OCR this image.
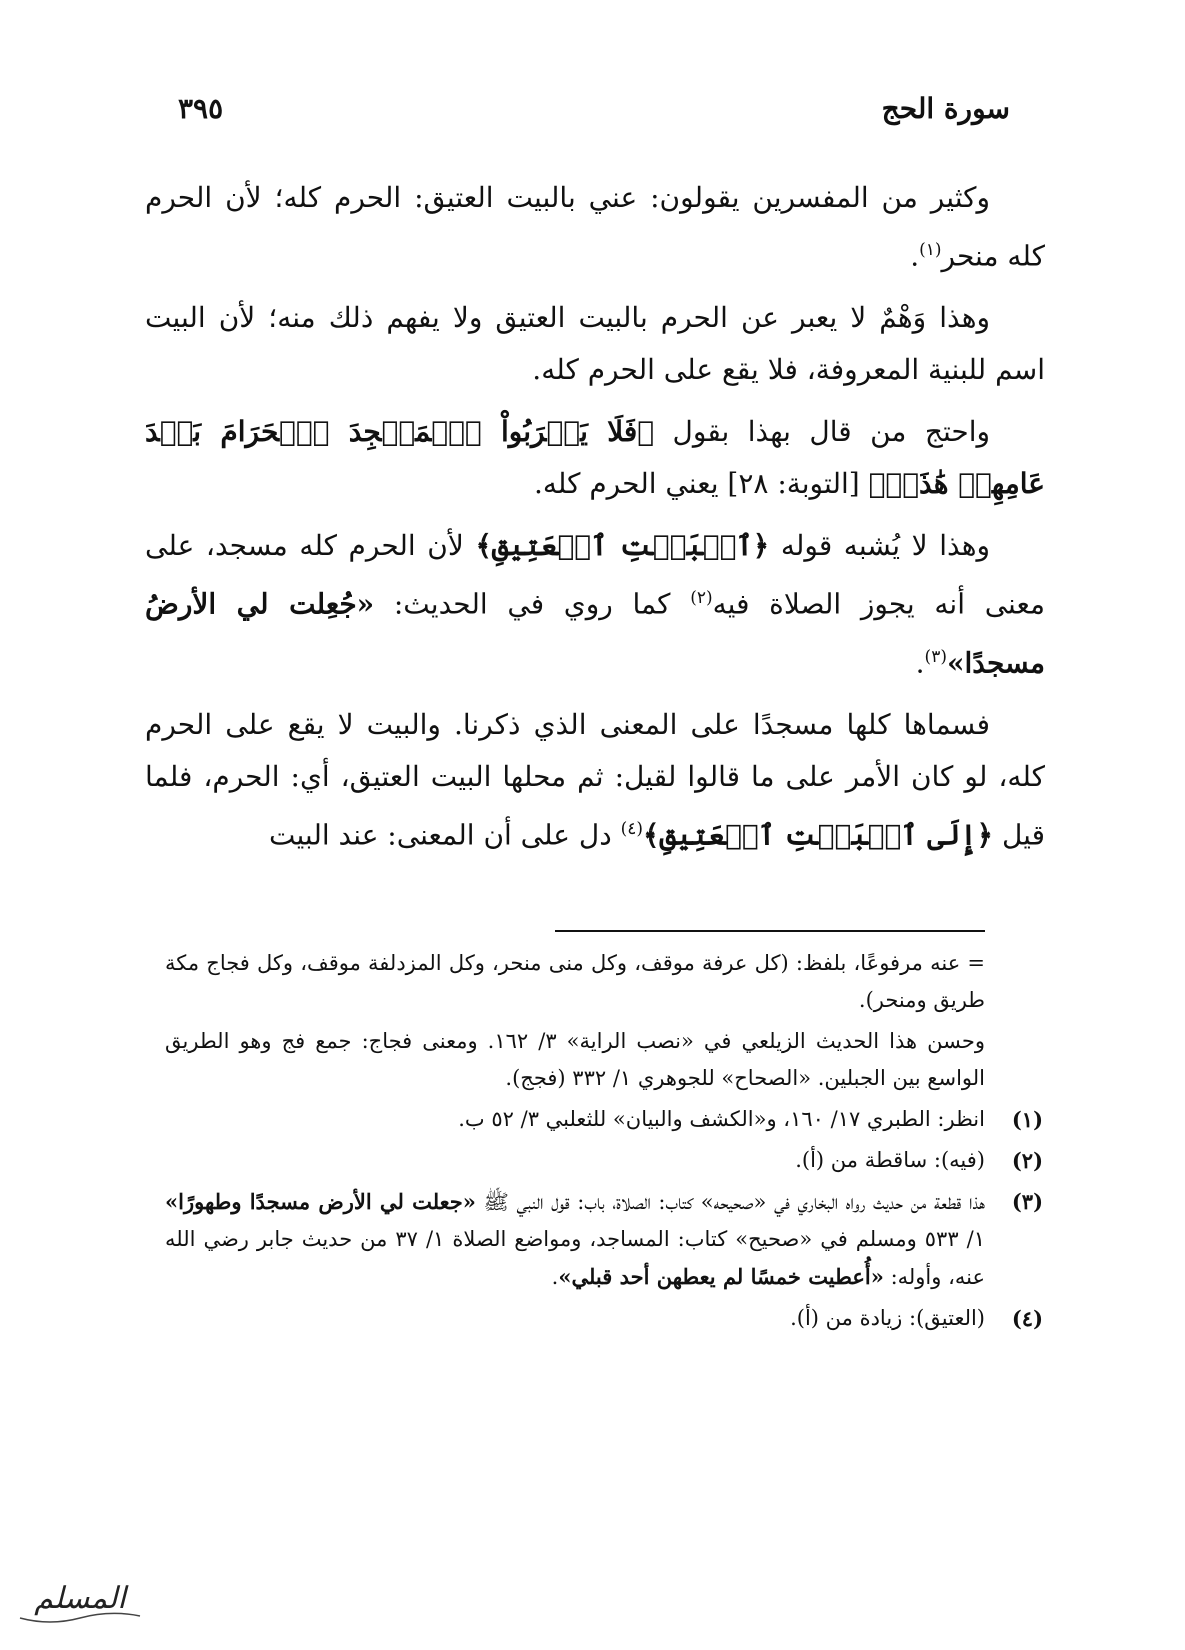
سورة الحج
٣٩٥

وكثير من المفسرين يقولون: عني بالبيت العتيق: الحرم كله؛ لأن الحرم كله منحر$^{(١)}$.

وهذا وَهْمٌ لا يعبر عن الحرم بالبيت العتيق ولا يفهم ذلك منه؛ لأن البيت اسم للبنية المعروفة، فلا يقع على الحرم كله.

واحتج من قال بهذا بقول ﴿فَلَا يَقۡرَبُواْ ٱلۡمَسۡجِدَ ٱلۡحَرَامَ بَعۡدَ عَامِهِمۡ هَٰذَاۚ﴾ [التوبة: ٢٨] يعني الحرم كله.

وهذا لا يُشبه قوله ﴿ٱلۡبَيۡتِ ٱلۡعَتِيقِ﴾ لأن الحرم كله مسجد، على معنى أنه يجوز الصلاة فيه$^{(٢)}$ كما روي في الحديث: «جُعِلت لي الأرضُ مسجدًا»$^{(٣)}$.

فسماها كلها مسجدًا على المعنى الذي ذكرنا. والبيت لا يقع على الحرم كله، لو كان الأمر على ما قالوا لقيل: ثم محلها البيت العتيق، أي: الحرم، فلما قيل ﴿إِلَى ٱلۡبَيۡتِ ٱلۡعَتِيقِ﴾$^{(٤)}$ دل على أن المعنى: عند البيت

= عنه مرفوعًا، بلفظ: (كل عرفة موقف، وكل منى منحر، وكل المزدلفة موقف، وكل فجاج مكة طريق ومنحر).

وحسن هذا الحديث الزيلعي في «نصب الراية» ٣/ ١٦٢. ومعنى فجاج: جمع فج وهو الطريق الواسع بين الجبلين. «الصحاح» للجوهري ١/ ٣٣٢ (فجج).

(١)
انظر: الطبري ١٧/ ١٦٠، و«الكشف والبيان» للثعلبي ٣/ ٥٢ ب.

(٢)
(فيه): ساقطة من (أ).

(٣)
هذا قطعة من حديث رواه البخاري في «صحيحه» كتاب: الصلاة، باب: قول النبي ﷺ «جعلت لي الأرض مسجدًا وطهورًا» ١/ ٥٣٣ ومسلم في «صحيح» كتاب: المساجد، ومواضع الصلاة ١/ ٣٧ من حديث جابر رضي الله عنه، وأوله: «أُعطيت خمسًا لم يعطهن أحد قبلي».

(٤)
(العتيق): زيادة من (أ).

المسلم
